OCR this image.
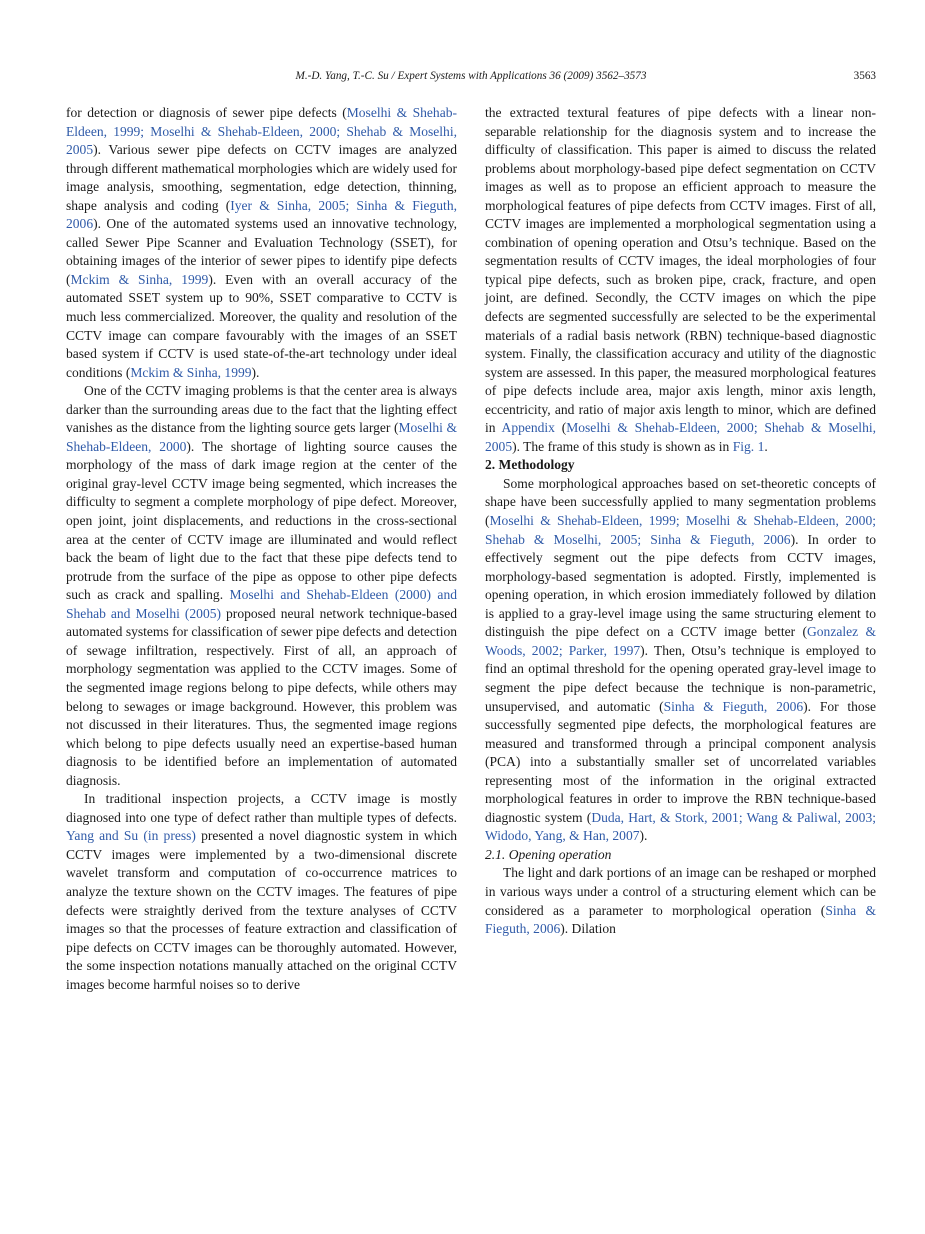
M.-D. Yang, T.-C. Su / Expert Systems with Applications 36 (2009) 3562–3573	3563

for detection or diagnosis of sewer pipe defects (Moselhi & Shehab-Eldeen, 1999; Moselhi & Shehab-Eldeen, 2000; Shehab & Moselhi, 2005). Various sewer pipe defects on CCTV images are analyzed through different mathematical morphologies which are widely used for image analysis, smoothing, segmentation, edge detection, thinning, shape analysis and coding (Iyer & Sinha, 2005; Sinha & Fieguth, 2006). One of the automated systems used an innovative technology, called Sewer Pipe Scanner and Evaluation Technology (SSET), for obtaining images of the interior of sewer pipes to identify pipe defects (Mckim & Sinha, 1999). Even with an overall accuracy of the automated SSET system up to 90%, SSET comparative to CCTV is much less commercialized. Moreover, the quality and resolution of the CCTV image can compare favourably with the images of an SSET based system if CCTV is used state-of-the-art technology under ideal conditions (Mckim & Sinha, 1999).

One of the CCTV imaging problems is that the center area is always darker than the surrounding areas due to the fact that the lighting effect vanishes as the distance from the lighting source gets larger (Moselhi & Shehab-Eldeen, 2000). The shortage of lighting source causes the morphology of the mass of dark image region at the center of the original gray-level CCTV image being segmented, which increases the difficulty to segment a complete morphology of pipe defect. Moreover, open joint, joint displacements, and reductions in the cross-sectional area at the center of CCTV image are illuminated and would reflect back the beam of light due to the fact that these pipe defects tend to protrude from the surface of the pipe as oppose to other pipe defects such as crack and spalling. Moselhi and Shehab-Eldeen (2000) and Shehab and Moselhi (2005) proposed neural network technique-based automated systems for classification of sewer pipe defects and detection of sewage infiltration, respectively. First of all, an approach of morphology segmentation was applied to the CCTV images. Some of the segmented image regions belong to pipe defects, while others may belong to sewages or image background. However, this problem was not discussed in their literatures. Thus, the segmented image regions which belong to pipe defects usually need an expertise-based human diagnosis to be identified before an implementation of automated diagnosis.

In traditional inspection projects, a CCTV image is mostly diagnosed into one type of defect rather than multiple types of defects. Yang and Su (in press) presented a novel diagnostic system in which CCTV images were implemented by a two-dimensional discrete wavelet transform and computation of co-occurrence matrices to analyze the texture shown on the CCTV images. The features of pipe defects were straightly derived from the texture analyses of CCTV images so that the processes of feature extraction and classification of pipe defects on CCTV images can be thoroughly automated. However, the some inspection notations manually attached on the original CCTV images become harmful noises so to derive

the extracted textural features of pipe defects with a linear non-separable relationship for the diagnosis system and to increase the difficulty of classification. This paper is aimed to discuss the related problems about morphology-based pipe defect segmentation on CCTV images as well as to propose an efficient approach to measure the morphological features of pipe defects from CCTV images. First of all, CCTV images are implemented a morphological segmentation using a combination of opening operation and Otsu’s technique. Based on the segmentation results of CCTV images, the ideal morphologies of four typical pipe defects, such as broken pipe, crack, fracture, and open joint, are defined. Secondly, the CCTV images on which the pipe defects are segmented successfully are selected to be the experimental materials of a radial basis network (RBN) technique-based diagnostic system. Finally, the classification accuracy and utility of the diagnostic system are assessed. In this paper, the measured morphological features of pipe defects include area, major axis length, minor axis length, eccentricity, and ratio of major axis length to minor, which are defined in Appendix (Moselhi & Shehab-Eldeen, 2000; Shehab & Moselhi, 2005). The frame of this study is shown as in Fig. 1.

2. Methodology

Some morphological approaches based on set-theoretic concepts of shape have been successfully applied to many segmentation problems (Moselhi & Shehab-Eldeen, 1999; Moselhi & Shehab-Eldeen, 2000; Shehab & Moselhi, 2005; Sinha & Fieguth, 2006). In order to effectively segment out the pipe defects from CCTV images, morphology-based segmentation is adopted. Firstly, implemented is opening operation, in which erosion immediately followed by dilation is applied to a gray-level image using the same structuring element to distinguish the pipe defect on a CCTV image better (Gonzalez & Woods, 2002; Parker, 1997). Then, Otsu’s technique is employed to find an optimal threshold for the opening operated gray-level image to segment the pipe defect because the technique is non-parametric, unsupervised, and automatic (Sinha & Fieguth, 2006). For those successfully segmented pipe defects, the morphological features are measured and transformed through a principal component analysis (PCA) into a substantially smaller set of uncorrelated variables representing most of the information in the original extracted morphological features in order to improve the RBN technique-based diagnostic system (Duda, Hart, & Stork, 2001; Wang & Paliwal, 2003; Widodo, Yang, & Han, 2007).

2.1. Opening operation

The light and dark portions of an image can be reshaped or morphed in various ways under a control of a structuring element which can be considered as a parameter to morphological operation (Sinha & Fieguth, 2006). Dilation
